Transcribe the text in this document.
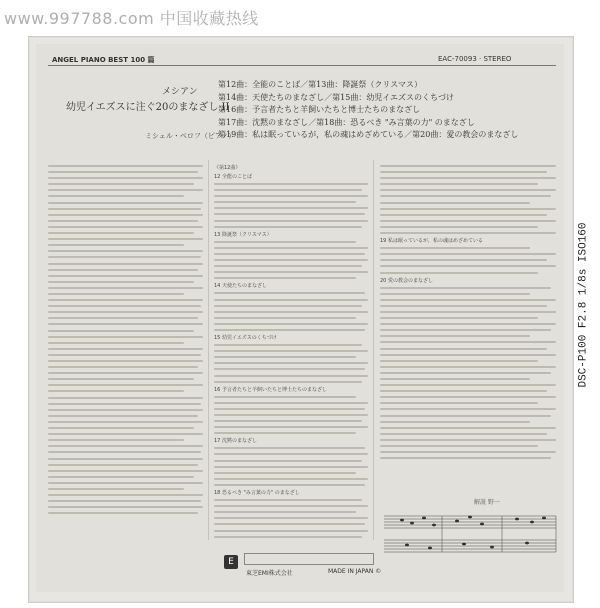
www.997788.com 中国收藏热线
DSC-P100 F2.8 1/8s ISO160
ANGEL PIANO BEST 100 篇	EAC-70093 · STEREO
メシアン
幼児イエズスに注ぐ20のまなざし II
ミシェル・ベロフ（ピアノ）
第12曲：全能のことば／第13曲：降誕祭（クリスマス）
第14曲：天使たちのまなざし／第15曲：幼児イエズスのくちづけ
第16曲：予言者たちと羊飼いたちと博士たちのまなざし
第17曲：沈黙のまなざし／第18曲：恐るべき "み言葉の力" のまなざし
第19曲：私は眠っているが，私の魂はめざめている／第20曲：愛の教会のまなざし
《第12曲》
12 全能のことば
13 降誕祭（クリスマス）
14 天使たちのまなざし
15 幼児イエズスのくちづけ
16 予言者たちと羊飼いたちと博士たちのまなざし
17 沈黙のまなざし
18 恐るべき "み言葉の力" のまなざし
19 私は眠っているが，私の魂はめざめている
20 愛の教会のまなざし
解説 野一
E
東芝EMI株式会社	MADE IN JAPAN ©
